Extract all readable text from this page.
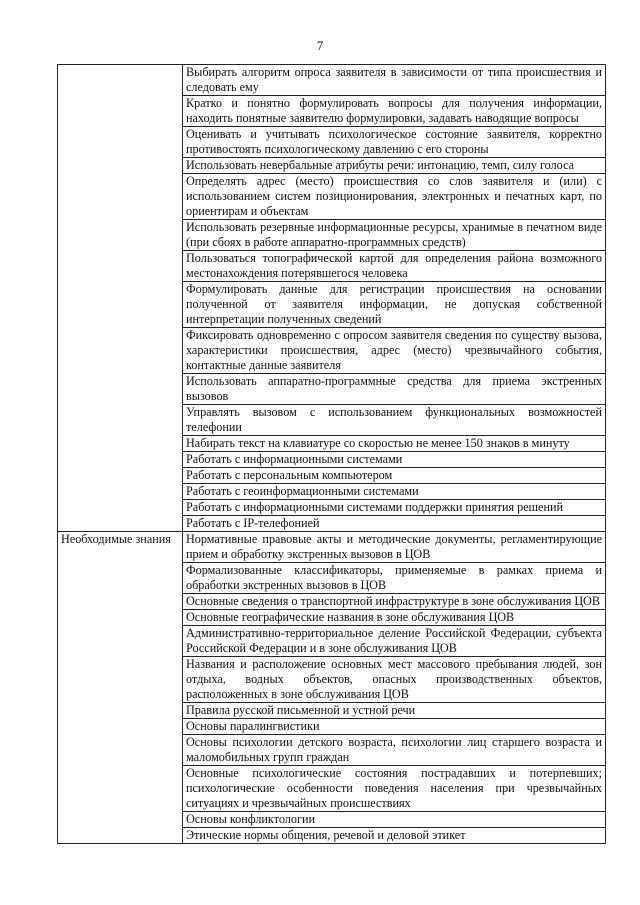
7
	Выбирать алгоритм опроса заявителя в зависимости от типа происшествия и следовать ему
	Кратко и понятно формулировать вопросы для получения информации, находить понятные заявителю формулировки, задавать наводящие вопросы
	Оценивать и учитывать психологическое состояние заявителя, корректно противостоять психологическому давлению с его стороны
	Использовать невербальные атрибуты речи: интонацию, темп, силу голоса
	Определять адрес (место) происшествия со слов заявителя и (или) с использованием систем позиционирования, электронных и печатных карт, по ориентирам и объектам
	Использовать резервные информационные ресурсы, хранимые в печатном виде (при сбоях в работе аппаратно-программных средств)
	Пользоваться топографической картой для определения района возможного местонахождения потерявшегося человека
	Формулировать данные для регистрации происшествия на основании полученной от заявителя информации, не допуская собственной интерпретации полученных сведений
	Фиксировать одновременно с опросом заявителя сведения по существу вызова, характеристики происшествия, адрес (место) чрезвычайного события, контактные данные заявителя
	Использовать аппаратно-программные средства для приема экстренных вызовов
	Управлять вызовом с использованием функциональных возможностей телефонии
	Набирать текст на клавиатуре со скоростью не менее 150 знаков в минуту
	Работать с информационными системами
	Работать с персональным компьютером
	Работать с геоинформационными системами
	Работать с информационными системами поддержки принятия решений
	Работать с IP-телефонией
Необходимые знания	Нормативные правовые акты и методические документы, регламентирующие прием и обработку экстренных вызовов в ЦОВ
	Формализованные классификаторы, применяемые в рамках приема и обработки экстренных вызовов в ЦОВ
	Основные сведения о транспортной инфраструктуре в зоне обслуживания ЦОВ
	Основные географические названия в зоне обслуживания ЦОВ
	Административно-территориальное деление Российской Федерации, субъекта Российской Федерации и в зоне обслуживания ЦОВ
	Названия и расположение основных мест массового пребывания людей, зон отдыха, водных объектов, опасных производственных объектов, расположенных в зоне обслуживания ЦОВ
	Правила русской письменной и устной речи
	Основы паралингвистики
	Основы психологии детского возраста, психологии лиц старшего возраста и маломобильных групп граждан
	Основные психологические состояния пострадавших и потерпевших; психологические особенности поведения населения при чрезвычайных ситуациях и чрезвычайных происшествиях
	Основы конфликтологии
	Этические нормы общения, речевой и деловой этикет
